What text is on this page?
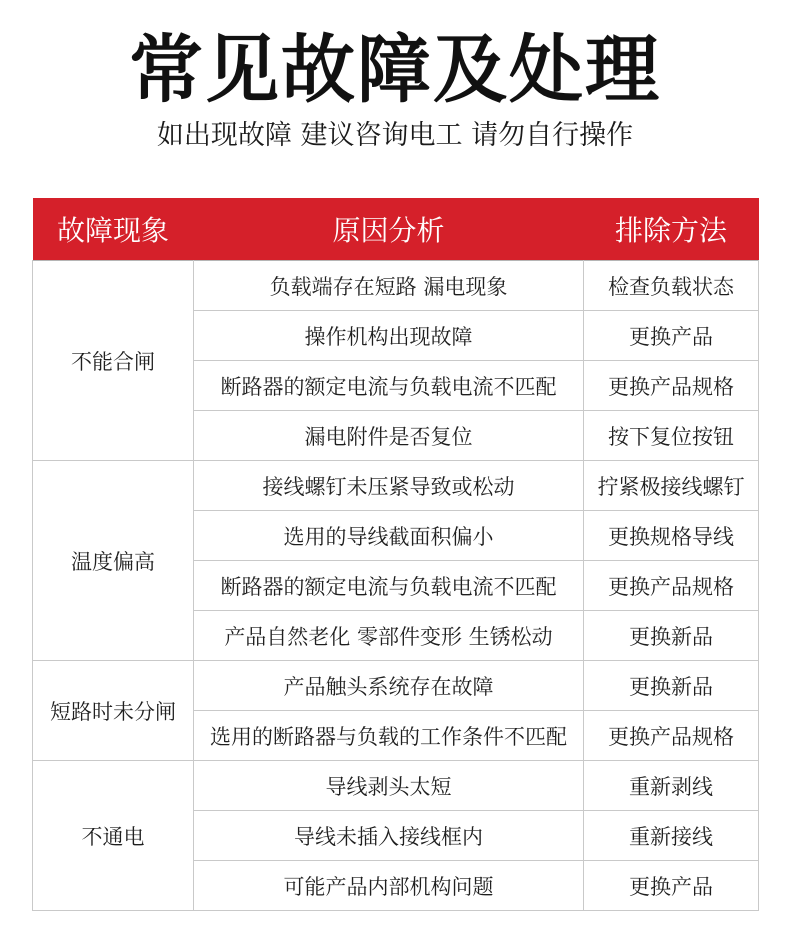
常见故障及处理
如出现故障 建议咨询电工 请勿自行操作
故障现象	原因分析	排除方法
不能合闸	负载端存在短路 漏电现象	检查负载状态
	操作机构出现故障	更换产品
	断路器的额定电流与负载电流不匹配	更换产品规格
	漏电附件是否复位	按下复位按钮
温度偏高	接线螺钉未压紧导致或松动	拧紧极接线螺钉
	选用的导线截面积偏小	更换规格导线
	断路器的额定电流与负载电流不匹配	更换产品规格
	产品自然老化 零部件变形 生锈松动	更换新品
短路时未分闸	产品触头系统存在故障	更换新品
	选用的断路器与负载的工作条件不匹配	更换产品规格
不通电	导线剥头太短	重新剥线
	导线未插入接线框内	重新接线
	可能产品内部机构问题	更换产品
